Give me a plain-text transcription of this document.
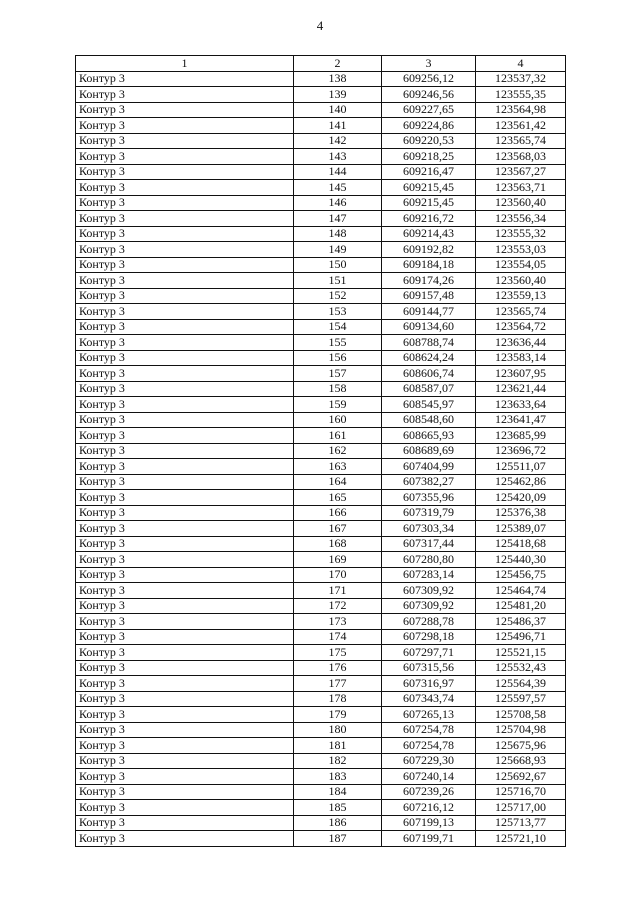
4
1	2	3	4
Контур 3	138	609256,12	123537,32
Контур 3	139	609246,56	123555,35
Контур 3	140	609227,65	123564,98
Контур 3	141	609224,86	123561,42
Контур 3	142	609220,53	123565,74
Контур 3	143	609218,25	123568,03
Контур 3	144	609216,47	123567,27
Контур 3	145	609215,45	123563,71
Контур 3	146	609215,45	123560,40
Контур 3	147	609216,72	123556,34
Контур 3	148	609214,43	123555,32
Контур 3	149	609192,82	123553,03
Контур 3	150	609184,18	123554,05
Контур 3	151	609174,26	123560,40
Контур 3	152	609157,48	123559,13
Контур 3	153	609144,77	123565,74
Контур 3	154	609134,60	123564,72
Контур 3	155	608788,74	123636,44
Контур 3	156	608624,24	123583,14
Контур 3	157	608606,74	123607,95
Контур 3	158	608587,07	123621,44
Контур 3	159	608545,97	123633,64
Контур 3	160	608548,60	123641,47
Контур 3	161	608665,93	123685,99
Контур 3	162	608689,69	123696,72
Контур 3	163	607404,99	125511,07
Контур 3	164	607382,27	125462,86
Контур 3	165	607355,96	125420,09
Контур 3	166	607319,79	125376,38
Контур 3	167	607303,34	125389,07
Контур 3	168	607317,44	125418,68
Контур 3	169	607280,80	125440,30
Контур 3	170	607283,14	125456,75
Контур 3	171	607309,92	125464,74
Контур 3	172	607309,92	125481,20
Контур 3	173	607288,78	125486,37
Контур 3	174	607298,18	125496,71
Контур 3	175	607297,71	125521,15
Контур 3	176	607315,56	125532,43
Контур 3	177	607316,97	125564,39
Контур 3	178	607343,74	125597,57
Контур 3	179	607265,13	125708,58
Контур 3	180	607254,78	125704,98
Контур 3	181	607254,78	125675,96
Контур 3	182	607229,30	125668,93
Контур 3	183	607240,14	125692,67
Контур 3	184	607239,26	125716,70
Контур 3	185	607216,12	125717,00
Контур 3	186	607199,13	125713,77
Контур 3	187	607199,71	125721,10
